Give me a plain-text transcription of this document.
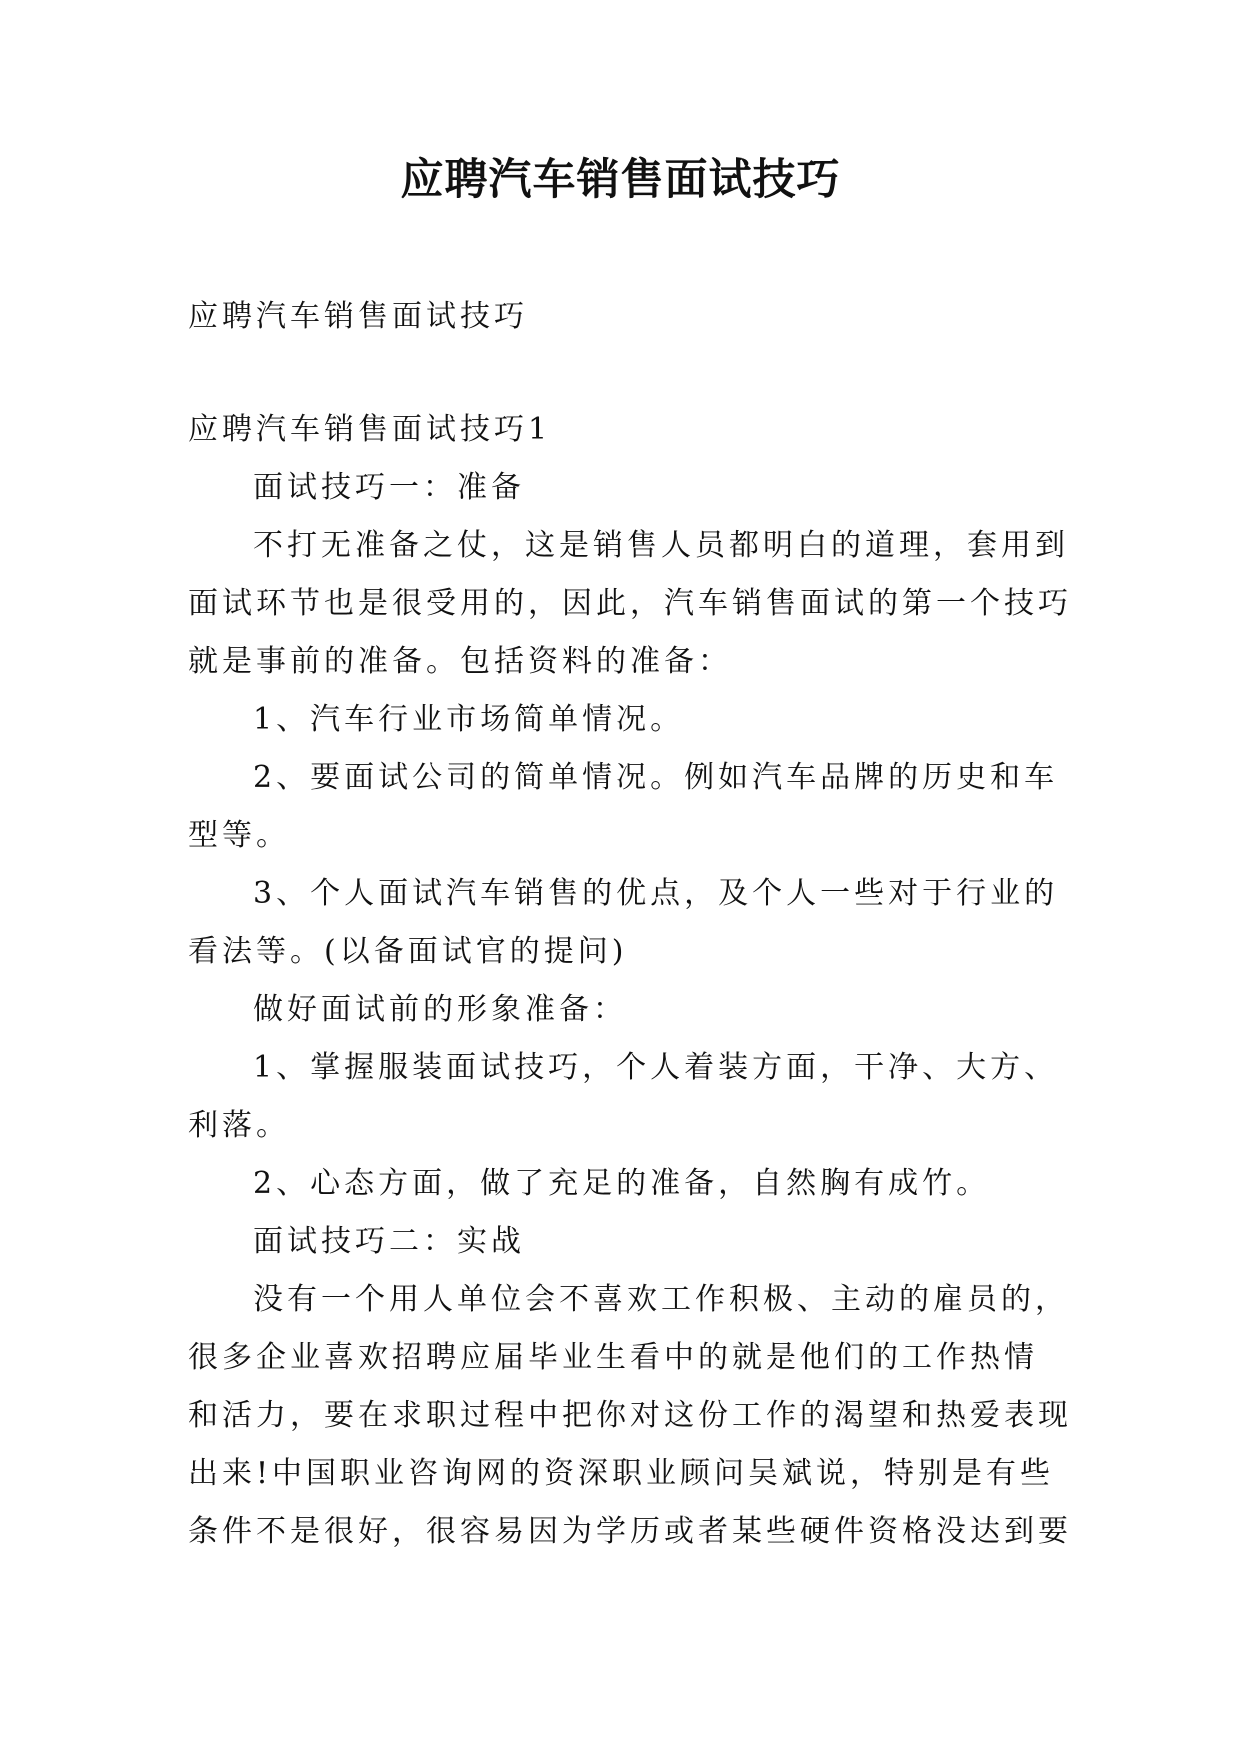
应聘汽车销售面试技巧
应聘汽车销售面试技巧
应聘汽车销售面试技巧1
面试技巧一：准备
不打无准备之仗，这是销售人员都明白的道理，套用到
面试环节也是很受用的，因此，汽车销售面试的第一个技巧
就是事前的准备。包括资料的准备：
1、汽车行业市场简单情况。
2、要面试公司的简单情况。例如汽车品牌的历史和车
型等。
3、个人面试汽车销售的优点，及个人一些对于行业的
看法等。(以备面试官的提问)
做好面试前的形象准备：
1、掌握服装面试技巧，个人着装方面，干净、大方、
利落。
2、心态方面，做了充足的准备，自然胸有成竹。
面试技巧二：实战
没有一个用人单位会不喜欢工作积极、主动的雇员的，
很多企业喜欢招聘应届毕业生看中的就是他们的工作热情
和活力，要在求职过程中把你对这份工作的渴望和热爱表现
出来!中国职业咨询网的资深职业顾问吴斌说，特别是有些
条件不是很好，很容易因为学历或者某些硬件资格没达到要
